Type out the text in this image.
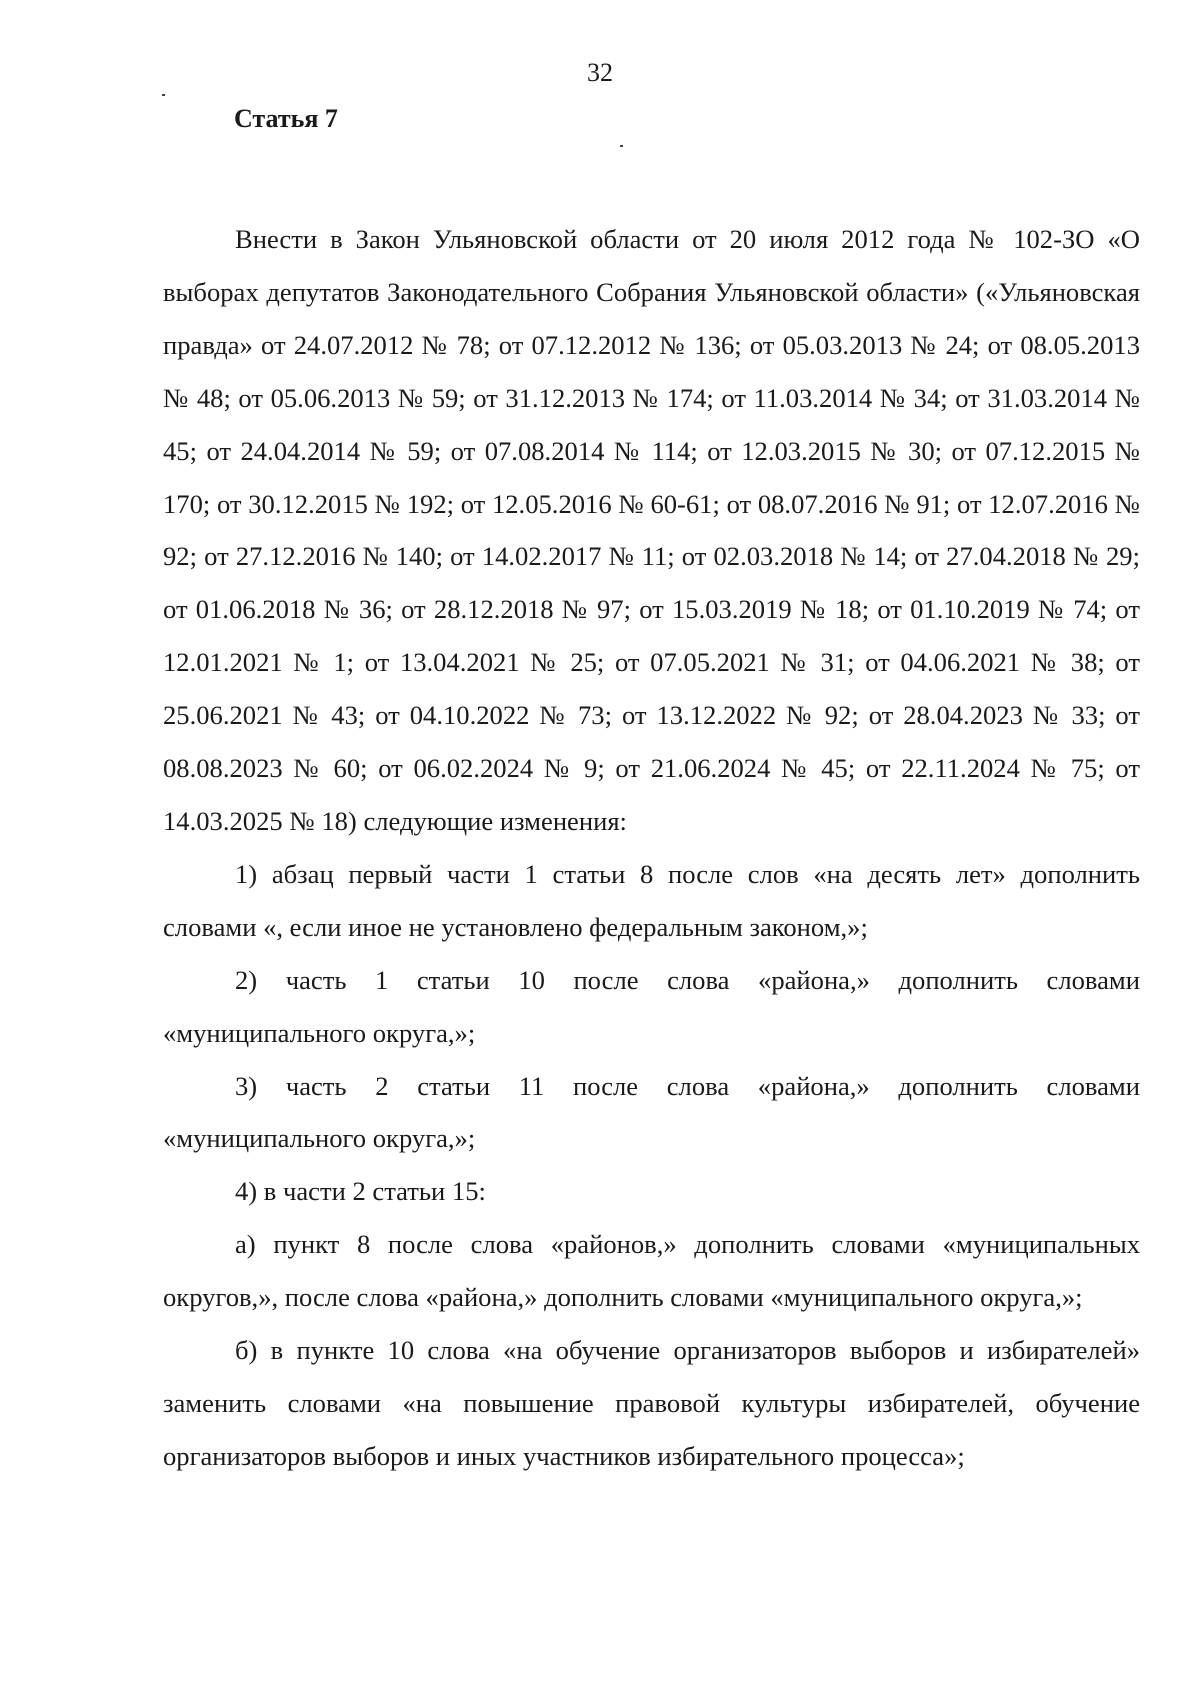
32
Статья 7

Внести в Закон Ульяновской области от 20 июля 2012 года № 102-ЗО «О выборах депутатов Законодательного Собрания Ульяновской области» («Ульяновская правда» от 24.07.2012 № 78; от 07.12.2012 № 136; от 05.03.2013 № 24; от 08.05.2013 № 48; от 05.06.2013 № 59; от 31.12.2013 № 174; от 11.03.2014 № 34; от 31.03.2014 № 45; от 24.04.2014 № 59; от 07.08.2014 № 114; от 12.03.2015 № 30; от 07.12.2015 № 170; от 30.12.2015 № 192; от 12.05.2016 № 60-61; от 08.07.2016 № 91; от 12.07.2016 № 92; от 27.12.2016 № 140; от 14.02.2017 № 11; от 02.03.2018 № 14; от 27.04.2018 № 29; от 01.06.2018 № 36; от 28.12.2018 № 97; от 15.03.2019 № 18; от 01.10.2019 № 74; от 12.01.2021 № 1; от 13.04.2021 № 25; от 07.05.2021 № 31; от 04.06.2021 № 38; от 25.06.2021 № 43; от 04.10.2022 № 73; от 13.12.2022 № 92; от 28.04.2023 № 33; от 08.08.2023 № 60; от 06.02.2024 № 9; от 21.06.2024 № 45; от 22.11.2024 № 75; от 14.03.2025 № 18) следующие изменения:

1) абзац первый части 1 статьи 8 после слов «на десять лет» дополнить словами «, если иное не установлено федеральным законом,»;

2) часть 1 статьи 10 после слова «района,» дополнить словами «муниципального округа,»;

3) часть 2 статьи 11 после слова «района,» дополнить словами «муниципального округа,»;

4) в части 2 статьи 15:

а) пункт 8 после слова «районов,» дополнить словами «муниципальных округов,», после слова «района,» дополнить словами «муниципального округа,»;

б) в пункте 10 слова «на обучение организаторов выборов и избирателей» заменить словами «на повышение правовой культуры избирателей, обучение организаторов выборов и иных участников избирательного процесса»;
